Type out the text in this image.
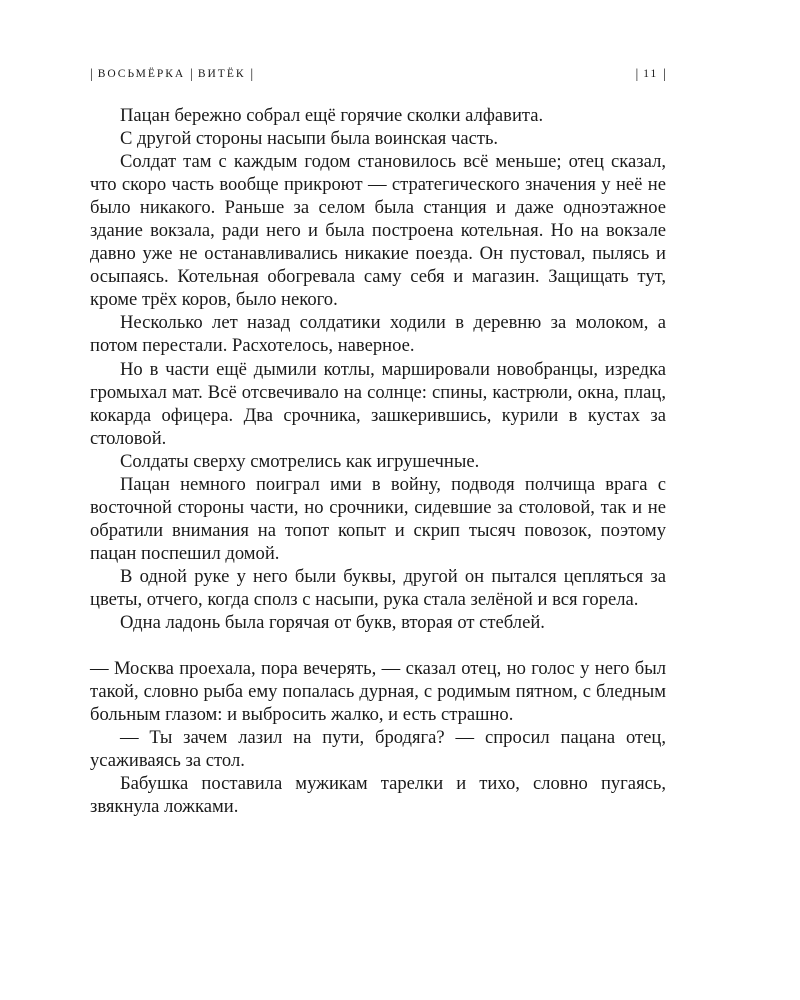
| ВОСЬМЁРКА | ВИТЁК |	| 11 |

Пацан бережно собрал ещё горячие сколки алфавита.

С другой стороны насыпи была воинская часть.

Солдат там с каждым годом становилось всё меньше; отец сказал, что скоро часть вообще прикроют — стратегического значения у неё не было никакого. Раньше за селом была станция и даже одноэтажное здание вокзала, ради него и была построена котельная. Но на вокзале давно уже не останавливались никакие поезда. Он пустовал, пылясь и осыпаясь. Котельная обогревала саму себя и магазин. Защищать тут, кроме трёх коров, было некого.

Несколько лет назад солдатики ходили в деревню за молоком, а потом перестали. Расхотелось, наверное.

Но в части ещё дымили котлы, маршировали новобранцы, изредка громыхал мат. Всё отсвечивало на солнце: спины, кастрюли, окна, плац, кокарда офицера. Два срочника, зашкерившись, курили в кустах за столовой.

Солдаты сверху смотрелись как игрушечные.

Пацан немного поиграл ими в войну, подводя полчища врага с восточной стороны части, но срочники, сидевшие за столовой, так и не обратили внимания на топот копыт и скрип тысяч повозок, поэтому пацан поспешил домой.

В одной руке у него были буквы, другой он пытался цепляться за цветы, отчего, когда сполз с насыпи, рука стала зелёной и вся горела.

Одна ладонь была горячая от букв, вторая от стеблей.

— Москва проехала, пора вечерять, — сказал отец, но голос у него был такой, словно рыба ему попалась дурная, с родимым пятном, с бледным больным глазом: и выбросить жалко, и есть страшно.

— Ты зачем лазил на пути, бродяга? — спросил пацана отец, усаживаясь за стол.

Бабушка поставила мужикам тарелки и тихо, словно пугаясь, звякнула ложками.
